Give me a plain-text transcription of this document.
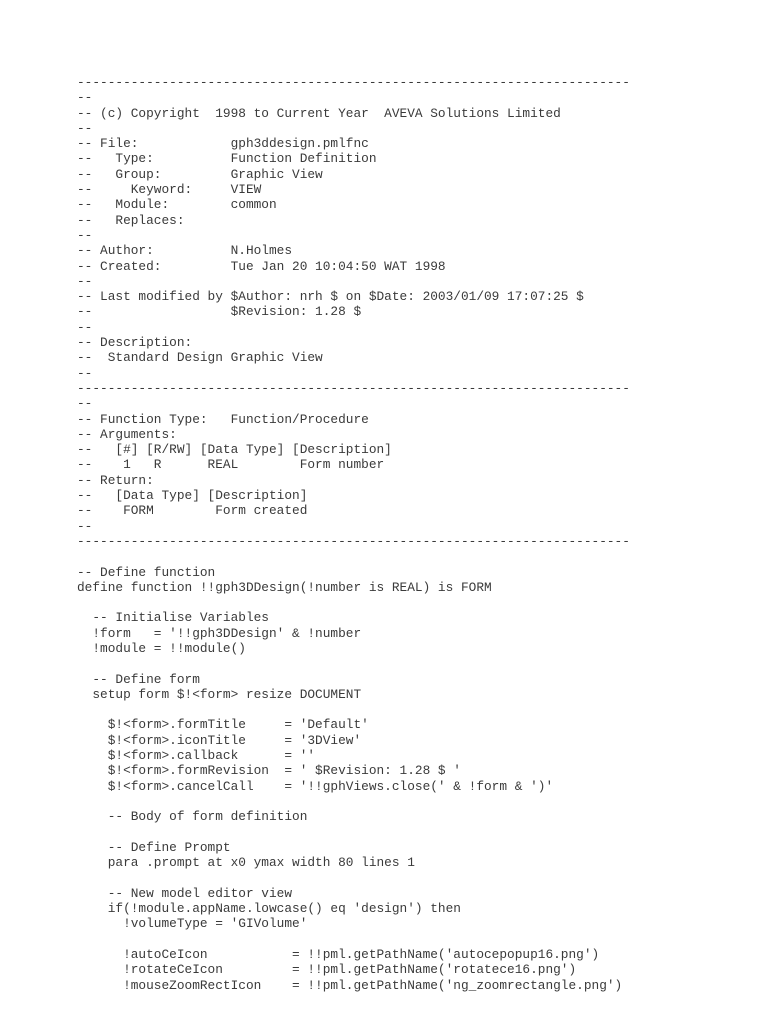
------------------------------------------------------------------------
--
-- (c) Copyright  1998 to Current Year  AVEVA Solutions Limited
--
-- File:            gph3ddesign.pmlfnc
--   Type:          Function Definition
--   Group:         Graphic View
--     Keyword:     VIEW
--   Module:        common
--   Replaces:
--
-- Author:          N.Holmes
-- Created:         Tue Jan 20 10:04:50 WAT 1998
--
-- Last modified by $Author: nrh $ on $Date: 2003/01/09 17:07:25 $
--                  $Revision: 1.28 $
--
-- Description:
--  Standard Design Graphic View
--
------------------------------------------------------------------------
--
-- Function Type:   Function/Procedure
-- Arguments:
--   [#] [R/RW] [Data Type] [Description]
--    1   R      REAL        Form number
-- Return:
--   [Data Type] [Description]
--    FORM        Form created
--
------------------------------------------------------------------------
-- Define function
define function !!gph3DDesign(!number is REAL) is FORM
-- Initialise Variables
!form   = '!!gph3DDesign' & !number
!module = !!module()
-- Define form
setup form $!<form> resize DOCUMENT
$!<form>.formTitle     = 'Default'
$!<form>.iconTitle     = '3DView'
$!<form>.callback      = ''
$!<form>.formRevision  = ' $Revision: 1.28 $ '
$!<form>.cancelCall    = '!!gphViews.close(' & !form & ')'
-- Body of form definition
-- Define Prompt
para .prompt at x0 ymax width 80 lines 1
-- New model editor view
if(!module.appName.lowcase() eq 'design') then
!volumeType = 'GIVolume'
!autoCeIcon           = !!pml.getPathName('autocepopup16.png')
!rotateCeIcon         = !!pml.getPathName('rotatece16.png')
!mouseZoomRectIcon    = !!pml.getPathName('ng_zoomrectangle.png')
